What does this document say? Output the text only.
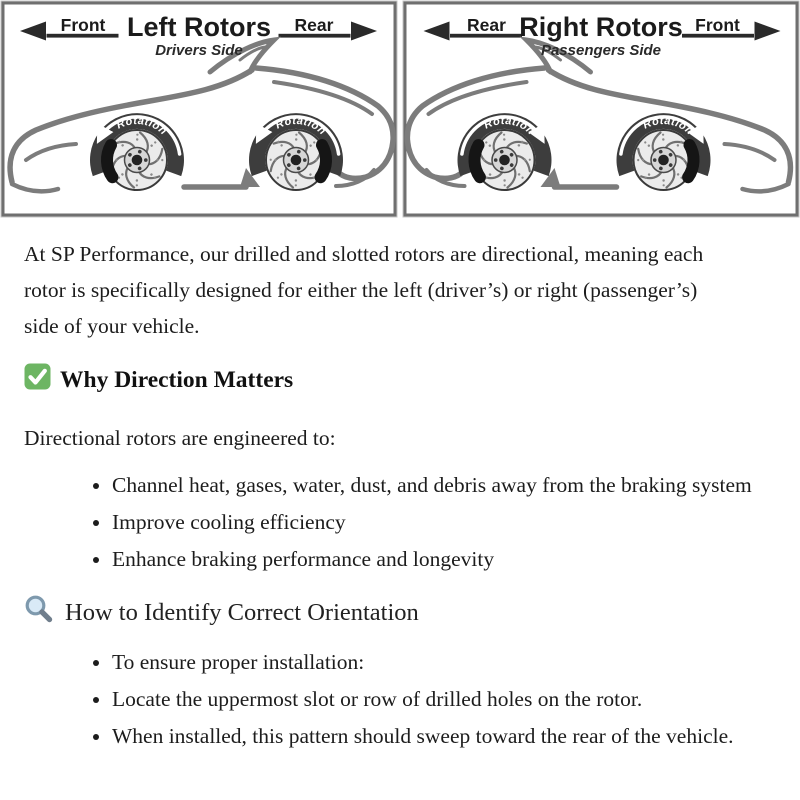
Front	Rear
Left Rotors
Drivers Side
Rear	Front
Right Rotors
Passengers Side
Rotation	Rotation	Rotation	Rotation

At SP Performance, our drilled and slotted rotors are directional, meaning each rotor is specifically designed for either the left (driver’s) or right (passenger’s) side of your vehicle.

Why Direction Matters

Directional rotors are engineered to:

• Channel heat, gases, water, dust, and debris away from the braking system
• Improve cooling efficiency
• Enhance braking performance and longevity
How to Identify Correct Orientation
• To ensure proper installation:
• Locate the uppermost slot or row of drilled holes on the rotor.
• When installed, this pattern should sweep toward the rear of the vehicle.
